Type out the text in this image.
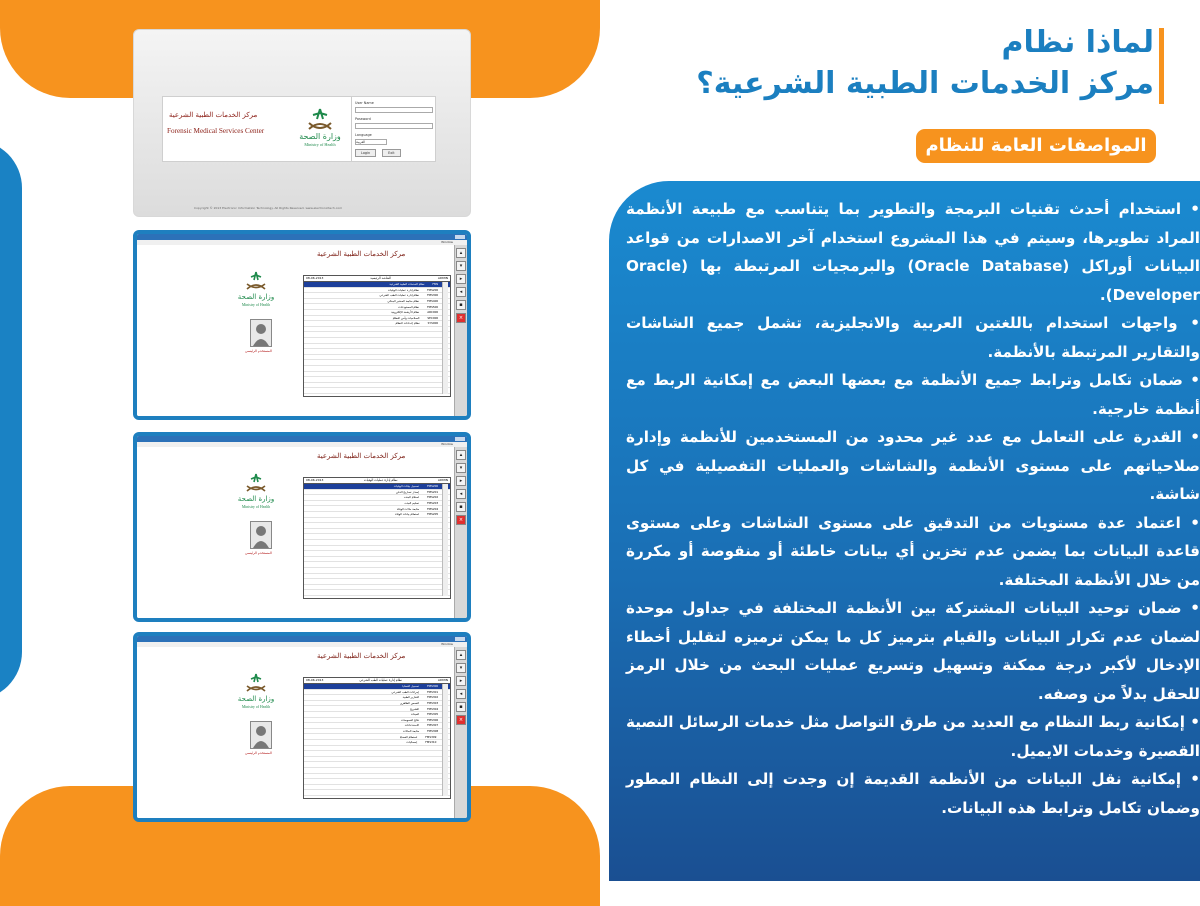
مركز الخدمات الطبية الشرعية
Forensic Medical Services Center
وزارة الصحة
Ministry of Health
User Name
Password
Language
العربية
Login	Exit
Copyright © 2013 Electronic Information Technology. All Rights Reserved. www.electronictech.com
Window
مركز الخدمات الطبية الشرعية
وزارة الصحة
Ministry of Health
المستخدم الرئيسي
08-06-2013	الشاشة الرئيسية	ADMIN
FMS
نظام الخدمات الطبية الشرعية
FMS200
نظام إدارة عمليات الوفيات
FMS300
نظام إدارة عمليات الطب الشرعي
FMS400
نظام متابعة المختبر الجنائي
FMS500
نظام المستودعات
ARC000
نظام الأرشفة الإلكترونية
SEC000
الصلاحيات وأمن النظام
SYS000
نظام إعدادات النظام
▴
▾
▸
◂
▪
×
Window
مركز الخدمات الطبية الشرعية
وزارة الصحة
Ministry of Health
المستخدم الرئيسي
08-06-2013	نظام إدارة عمليات الوفيات	ADMIN
FMS200
تسجيل بيانات الوفيات
FMS201
إصدار تصاريح الدفن
FMS202
استلام الجثث
FMS203
تسليم الجثث
FMS204
متابعة حالات الوفاة
FMS205
استعلام بيانات الوفاة
▴
▾
▸
◂
▪
×
Window
مركز الخدمات الطبية الشرعية
وزارة الصحة
Ministry of Health
المستخدم الرئيسي
08-06-2013	نظام إدارة عمليات الطب الشرعي	ADMIN
FMS300
تسجيل القضايا
FMS301
إجراءات الطب الشرعي
FMS302
التقارير الطبية
FMS303
الفحص الظاهري
FMS304
التشريح
FMS305
العينات
FMS306
نتائج الفحوصات
FMS307
الاستدعاءات
FMS308
متابعة الحالات
FMS309
استعلام القضايا
FMS310
إحصائيات
▴
▾
▸
◂
▪
×
لماذا نظام
مركز الخدمات الطبية الشرعية؟
المواصفات العامة للنظام

• استخدام أحدث تقنيات البرمجة والتطوير بما يتناسب مع طبيعة الأنظمة المراد تطويرها، وسيتم في هذا المشروع استخدام آخر الاصدارات من قواعد البيانات أوراكل (Oracle Database) والبرمجيات المرتبطة بها (Oracle Developer).

• واجهات استخدام باللغتين العربية والانجليزية، تشمل جميع الشاشات والتقارير المرتبطة بالأنظمة.

• ضمان تكامل وترابط جميع الأنظمة مع بعضها البعض مع إمكانية الربط مع أنظمة خارجية.

• القدرة على التعامل مع عدد غير محدود من المستخدمين للأنظمة وإدارة صلاحياتهم على مستوى الأنظمة والشاشات والعمليات التفصيلية في كل شاشة.

• اعتماد عدة مستويات من التدقيق على مستوى الشاشات وعلى مستوى قاعدة البيانات بما يضمن عدم تخزين أي بيانات خاطئة أو منقوصة أو مكررة من خلال الأنظمة المختلفة.

• ضمان توحيد البيانات المشتركة بين الأنظمة المختلفة في جداول موحدة لضمان عدم تكرار البيانات والقيام بترميز كل ما يمكن ترميزه لتقليل أخطاء الإدخال لأكبر درجة ممكنة وتسهيل وتسريع عمليات البحث من خلال الرمز للحقل بدلاً من وصفه.

• إمكانية ربط النظام مع العديد من طرق التواصل مثل خدمات الرسائل النصية القصيرة وخدمات الايميل.

• إمكانية نقل البيانات من الأنظمة القديمة إن وجدت إلى النظام المطور وضمان تكامل وترابط هذه البيانات.
